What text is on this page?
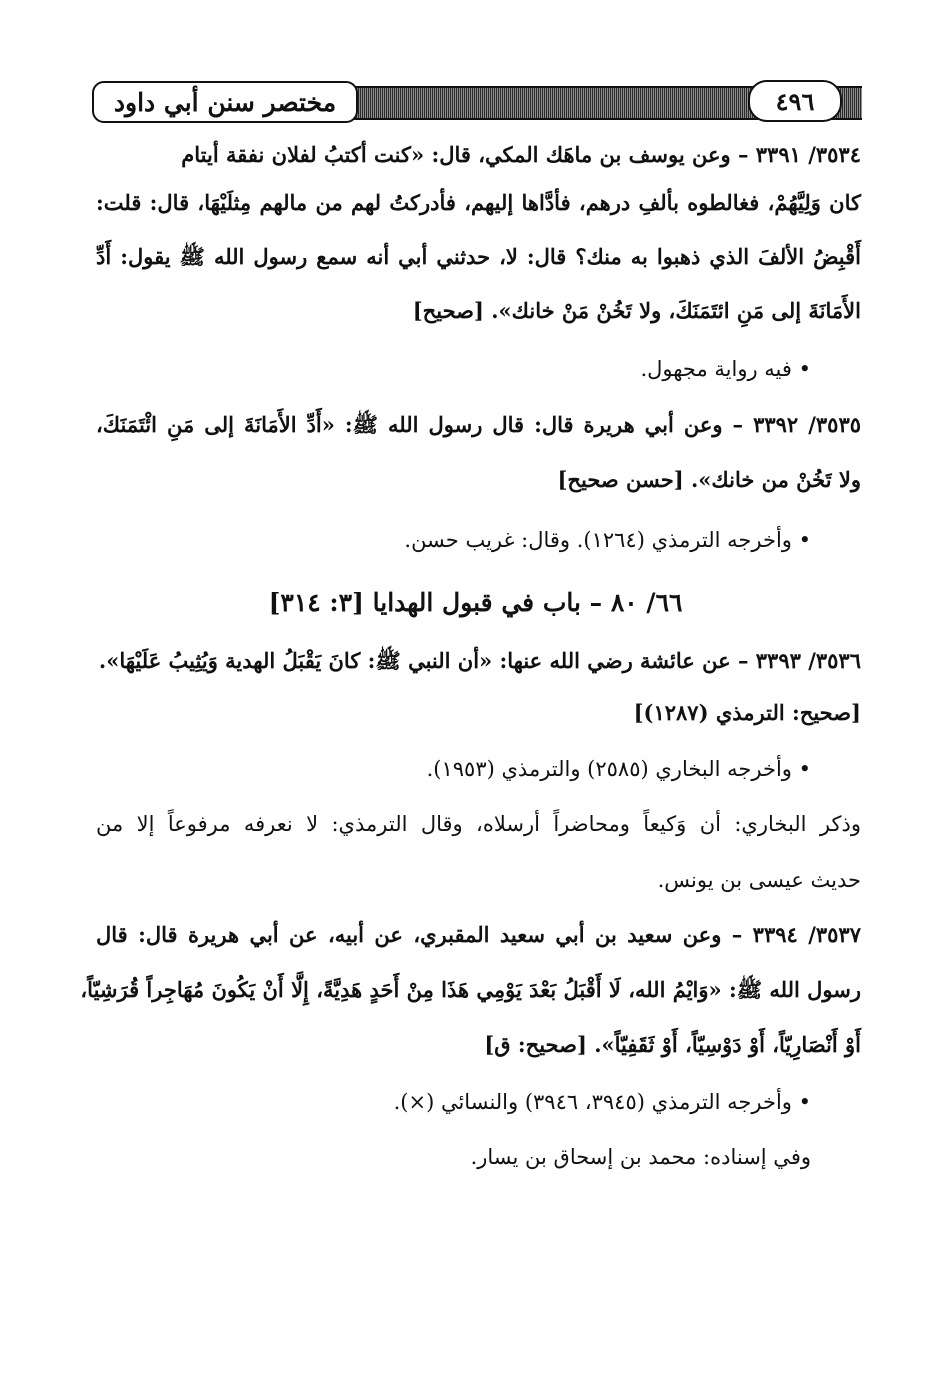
مختصر سنن أبي داود	٤٩٦
٣٥٣٤/ ٣٣٩١ – وعن يوسف بن ماهَك المكي، قال: «كنت أكتبُ لفلان نفقة أيتام
كان وَلِيَّهُمْ، فغالطوه بألفِ درهم، فأدَّاها إليهم، فأدركتُ لهم من مالهم مِثلَيْهَا، قال: قلت:
أَقْبِضُ الألفَ الذي ذهبوا به منك؟ قال: لا، حدثني أبي أنه سمع رسول الله ﷺ يقول: أَدِّ
الأَمَانَةَ إلى مَنِ ائتَمَنَكَ، ولا تَخُنْ مَنْ خانك». [صحيح]
• فيه رواية مجهول.
٣٥٣٥/ ٣٣٩٢ – وعن أبي هريرة قال: قال رسول الله ﷺ: «أَدِّ الأَمَانَةَ إلى مَنِ ائْتَمَنَكَ،
ولا تَخُنْ من خانك». [حسن صحيح]
• وأخرجه الترمذي (١٢٦٤). وقال: غريب حسن.
٦٦/ ٨٠ – باب في قبول الهدايا [٣: ٣١٤]
٣٥٣٦/ ٣٣٩٣ – عن عائشة رضي الله عنها: «أن النبي ﷺ: كانَ يَقْبَلُ الهدية وَيُثِيبُ عَلَيْهَا».
[صحيح: الترمذي (١٢٨٧)]
• وأخرجه البخاري (٢٥٨٥) والترمذي (١٩٥٣).
وذكر البخاري: أن وَكيعاً ومحاضراً أرسلاه، وقال الترمذي: لا نعرفه مرفوعاً إلا من
حديث عيسى بن يونس.
٣٥٣٧/ ٣٣٩٤ – وعن سعيد بن أبي سعيد المقبري، عن أبيه، عن أبي هريرة قال: قال
رسول الله ﷺ: «وَايْمُ الله، لَا أَقْبَلُ بَعْدَ يَوْمِي هَذَا مِنْ أَحَدٍ هَدِيَّةً، إِلَّا أَنْ يَكُونَ مُهَاجِراً قُرَشِيّاً،
أَوْ أَنْصَارِيّاً، أَوْ دَوْسِيّاً، أَوْ ثَقَفِيّاً». [صحيح: ق]
• وأخرجه الترمذي (٣٩٤٥، ٣٩٤٦) والنسائي (×).
وفي إسناده: محمد بن إسحاق بن يسار.
